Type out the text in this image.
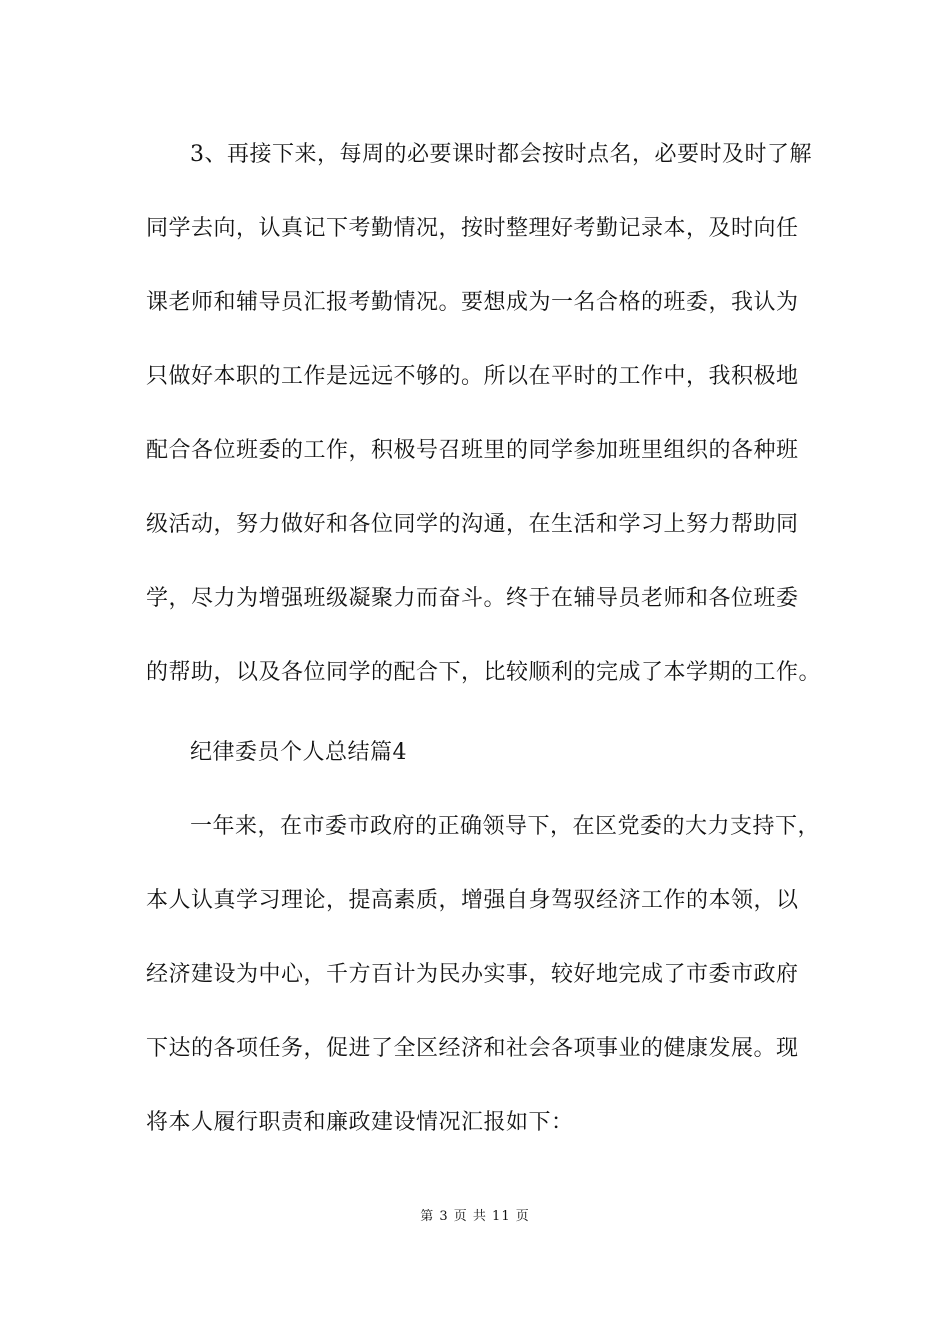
3、再接下来，每周的必要课时都会按时点名，必要时及时了解
同学去向，认真记下考勤情况，按时整理好考勤记录本，及时向任
课老师和辅导员汇报考勤情况。要想成为一名合格的班委，我认为
只做好本职的工作是远远不够的。所以在平时的工作中，我积极地
配合各位班委的工作，积极号召班里的同学参加班里组织的各种班
级活动，努力做好和各位同学的沟通，在生活和学习上努力帮助同
学，尽力为增强班级凝聚力而奋斗。终于在辅导员老师和各位班委
的帮助，以及各位同学的配合下，比较顺利的完成了本学期的工作。
纪律委员个人总结篇4
一年来，在市委市政府的正确领导下，在区党委的大力支持下，
本人认真学习理论，提高素质，增强自身驾驭经济工作的本领，以
经济建设为中心，千方百计为民办实事，较好地完成了市委市政府
下达的各项任务，促进了全区经济和社会各项事业的健康发展。现
将本人履行职责和廉政建设情况汇报如下：
第 3 页 共 11 页
